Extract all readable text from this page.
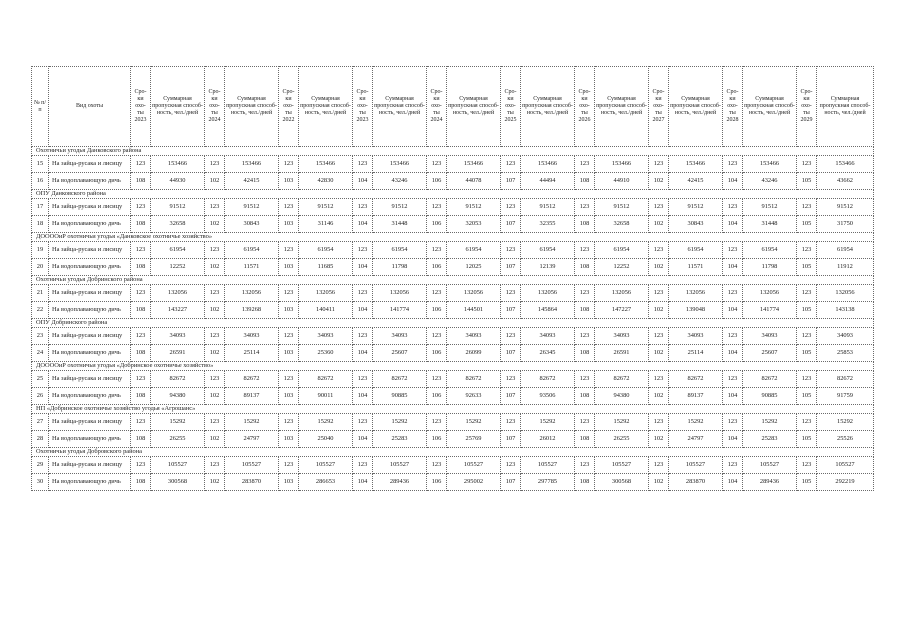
№ п/п	Вид охоты	Сро-ки охо-ты 2023	Суммарная пропускная способ-ность, чел./дней	Сро-ки охо-ты 2024	Суммарная пропускная способ-ность, чел./дней	Сро-ки охо-ты 2022	Суммарная пропускная способ-ность, чел./дней	Сро-ки охо-ты 2023	Суммарная пропускная способ-ность, чел./дней	Сро-ки охо-ты 2024	Суммарная пропускная способ-ность, чел./дней	Сро-ки охо-ты 2025	Суммарная пропускная способ-ность, чел./дней	Сро-ки охо-ты 2026	Суммарная пропускная способ-ность, чел./дней	Сро-ки охо-ты 2027	Суммарная пропускная способ-ность, чел./дней	Сро-ки охо-ты 2028	Суммарная пропускная способ-ность, чел./дней	Сро-ки охо-ты 2029	Суммарная пропускная способ-ность, чел./дней
Охотничьи угодья Данковского района																					
15	На зайца-русака и лисицу	123	153466	123	153466	123	153466	123	153466	123	153466	123	153466	123	153466	123	153466	123	153466	123	153466
16	На водоплавающую дичь	108	44930	102	42415	103	42830	104	43246	106	44078	107	44494	108	44910	102	42415	104	43246	105	43662
ОПУ Данковского района																					
17	На зайца-русака и лисицу	123	91512	123	91512	123	91512	123	91512	123	91512	123	91512	123	91512	123	91512	123	91512	123	91512
18	На водоплавающую дичь	108	32658	102	30843	103	31146	104	31448	106	32053	107	32355	108	32658	102	30843	104	31448	105	31750
ДООООиР охотничьи угодья «Данковское охотничье хозяйство»																					
19	На зайца-русака и лисицу	123	61954	123	61954	123	61954	123	61954	123	61954	123	61954	123	61954	123	61954	123	61954	123	61954
20	На водоплавающую дичь	108	12252	102	11571	103	11685	104	11798	106	12025	107	12139	108	12252	102	11571	104	11798	105	11912
Охотничьи угодья Добринского района																					
21	На зайца-русака и лисицу	123	132056	123	132056	123	132056	123	132056	123	132056	123	132056	123	132056	123	132056	123	132056	123	132056
22	На водоплавающую дичь	108	143227	102	139268	103	140411	104	141774	106	144501	107	145864	108	147227	102	139048	104	141774	105	143138
ОПУ Добринского района																					
23	На зайца-русака и лисицу	123	34093	123	34093	123	34093	123	34093	123	34093	123	34093	123	34093	123	34093	123	34093	123	34093
24	На водоплавающую дичь	108	26591	102	25114	103	25360	104	25607	106	26099	107	26345	108	26591	102	25114	104	25607	105	25853
ДООООиР охотничьи угодья «Добринское охотничье хозяйство»																					
25	На зайца-русака и лисицу	123	82672	123	82672	123	82672	123	82672	123	82672	123	82672	123	82672	123	82672	123	82672	123	82672
26	На водоплавающую дичь	108	94380	102	89137	103	90011	104	90885	106	92633	107	93506	108	94380	102	89137	104	90885	105	91759
НП «Добринское охотничье хозяйство угодья «Агрошанс»																					
27	На зайца-русака и лисицу	123	15292	123	15292	123	15292	123	15292	123	15292	123	15292	123	15292	123	15292	123	15292	123	15292
28	На водоплавающую дичь	108	26255	102	24797	103	25040	104	25283	106	25769	107	26012	108	26255	102	24797	104	25283	105	25526
Охотничьи угодья Добровского района																					
29	На зайца-русака и лисицу	123	105527	123	105527	123	105527	123	105527	123	105527	123	105527	123	105527	123	105527	123	105527	123	105527
30	На водоплавающую дичь	108	300568	102	283870	103	286653	104	289436	106	295002	107	297785	108	300568	102	283870	104	289436	105	292219
